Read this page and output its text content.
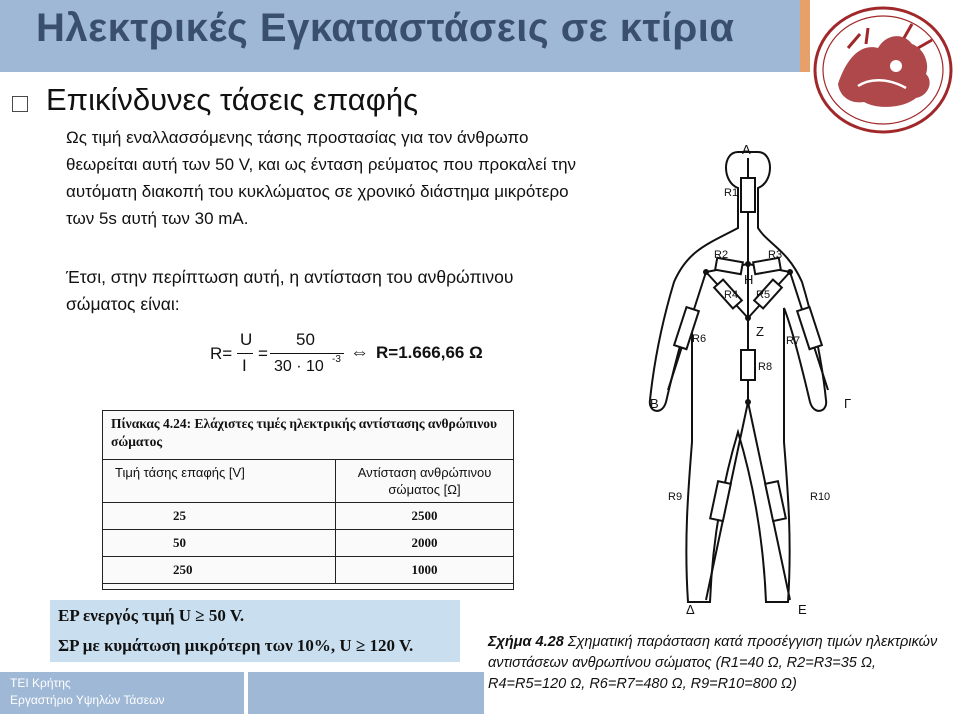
Ηλεκτρικές Εγκαταστάσεις σε κτίρια
Επικίνδυνες τάσεις επαφής
Ως τιμή εναλλασσόμενης τάσης προστασίας για τον άνθρωπο θεωρείται αυτή των 50 V, και ως ένταση ρεύματος που προκαλεί την αυτόματη διακοπή του κυκλώματος σε χρονικό διάστημα μικρότερο των 5s αυτή των 30 mA.
Έτσι, στην περίπτωση αυτή, η αντίσταση του ανθρώπινου σώματος είναι:
R=
U
I
=
50
30 · 10 -3 ⇔ R=1.666,66 Ω
Πίνακας 4.24: Ελάχιστες τιμές ηλεκτρικής αντίστασης ανθρώπινου σώματος
Τιμή τάσης επαφής [V]	Αντίσταση ανθρώπινου σώματος [Ω]
25	2500
50	2000
250	1000
ΕΡ ενεργός τιμή U ≥ 50 V.
ΣΡ με κυμάτωση μικρότερη των 10%, U ≥ 120 V.
Α
Β	Γ
Δ	Ε
Η
Ζ
R1
R2	R3
R4 R5
R6	R7
R8
R9	R10
Σχήμα 4.28 Σχηματική παράσταση κατά προσέγγιση τιμών ηλεκτρικών αντιστάσεων ανθρωπίνου σώματος (R1=40 Ω, R2=R3=35 Ω, R4=R5=120 Ω, R6=R7=480 Ω, R9=R10=800 Ω)
ΤΕΙ Κρήτης
Εργαστήριο Υψηλών Τάσεων
